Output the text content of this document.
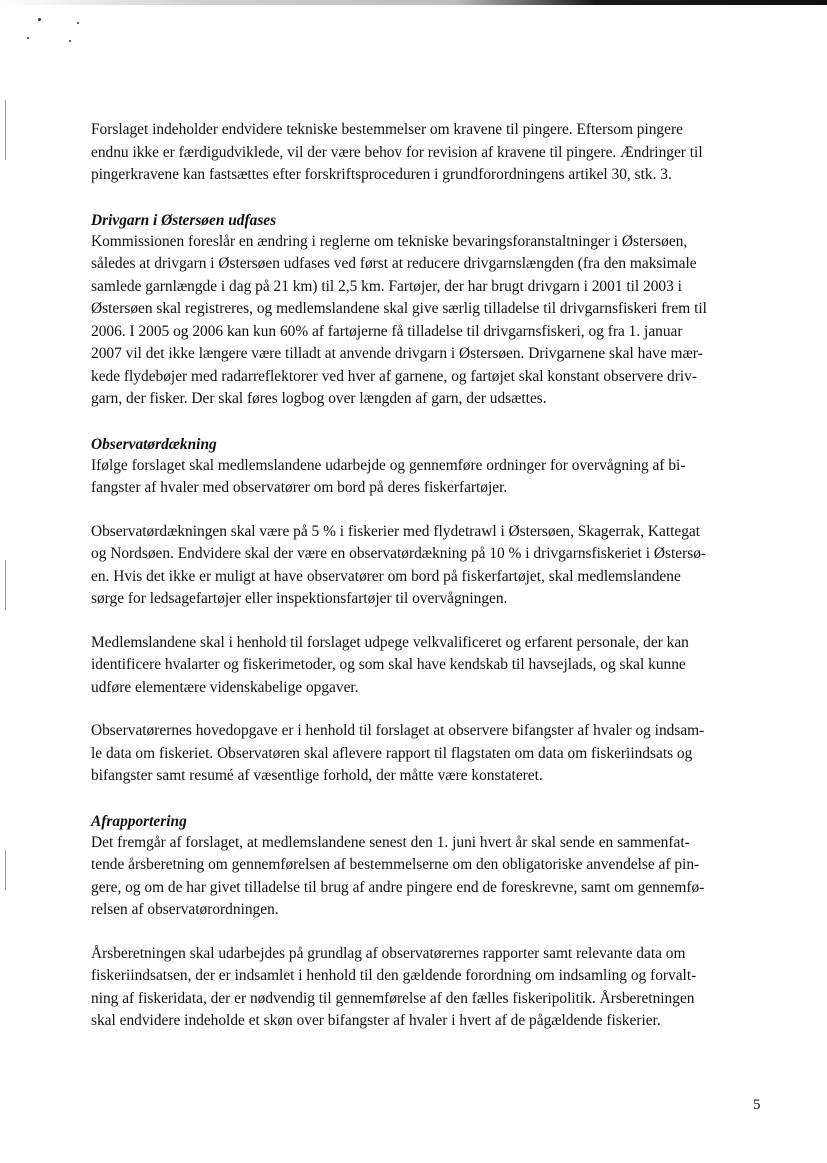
Forslaget indeholder endvidere tekniske bestemmelser om kravene til pingere. Eftersom pingere

endnu ikke er færdigudviklede, vil der være behov for revision af kravene til pingere. Ændringer til

pingerkravene kan fastsættes efter forskriftsproceduren i grundforordningens artikel 30, stk. 3.

Drivgarn i Østersøen udfases

Kommissionen foreslår en ændring i reglerne om tekniske bevaringsforanstaltninger i Østersøen,

således at drivgarn i Østersøen udfases ved først at reducere drivgarnslængden (fra den maksimale

samlede garnlængde i dag på 21 km) til 2,5 km. Fartøjer, der har brugt drivgarn i 2001 til 2003 i

Østersøen skal registreres, og medlemslandene skal give særlig tilladelse til drivgarnsfiskeri frem til

2006. I 2005 og 2006 kan kun 60% af fartøjerne få tilladelse til drivgarnsfiskeri, og fra 1. januar

2007 vil det ikke længere være tilladt at anvende drivgarn i Østersøen. Drivgarnene skal have mær-

kede flydebøjer med radarreflektorer ved hver af garnene, og fartøjet skal konstant observere driv-

garn, der fisker. Der skal føres logbog over længden af garn, der udsættes.

Observatørdækning

Ifølge forslaget skal medlemslandene udarbejde og gennemføre ordninger for overvågning af bi-

fangster af hvaler med observatører om bord på deres fiskerfartøjer.

Observatørdækningen skal være på 5 % i fiskerier med flydetrawl i Østersøen, Skagerrak, Kattegat

og Nordsøen. Endvidere skal der være en observatørdækning på 10 % i drivgarnsfiskeriet i Østersø-

en. Hvis det ikke er muligt at have observatører om bord på fiskerfartøjet, skal medlemslandene

sørge for ledsagefartøjer eller inspektionsfartøjer til overvågningen.

Medlemslandene skal i henhold til forslaget udpege velkvalificeret og erfarent personale, der kan

identificere hvalarter og fiskerimetoder, og som skal have kendskab til havsejlads, og skal kunne

udføre elementære videnskabelige opgaver.

Observatørernes hovedopgave er i henhold til forslaget at observere bifangster af hvaler og indsam-

le data om fiskeriet. Observatøren skal aflevere rapport til flagstaten om data om fiskeriindsats og

bifangster samt resumé af væsentlige forhold, der måtte være konstateret.

Afrapportering

Det fremgår af forslaget, at medlemslandene senest den 1. juni hvert år skal sende en sammenfat-

tende årsberetning om gennemførelsen af bestemmelserne om den obligatoriske anvendelse af pin-

gere, og om de har givet tilladelse til brug af andre pingere end de foreskrevne, samt om gennemfø-

relsen af observatørordningen.

Årsberetningen skal udarbejdes på grundlag af observatørernes rapporter samt relevante data om

fiskeriindsatsen, der er indsamlet i henhold til den gældende forordning om indsamling og forvalt-

ning af fiskeridata, der er nødvendig til gennemførelse af den fælles fiskeripolitik. Årsberetningen

skal endvidere indeholde et skøn over bifangster af hvaler i hvert af de pågældende fiskerier.

5
